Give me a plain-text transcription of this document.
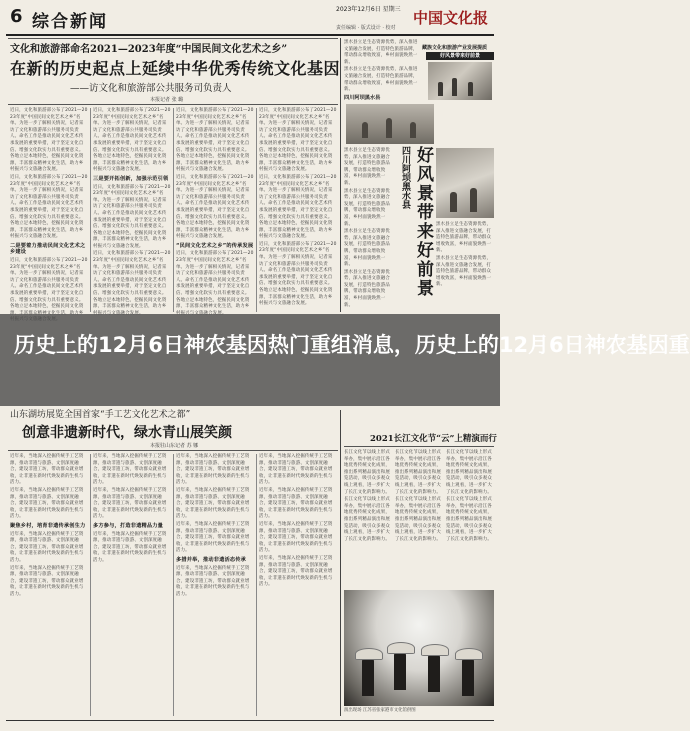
6 综合新闻
2023年12月6日 星期三
责任编辑 · 版式设计 · 校对
中国文化报
文化和旅游部命名2021—2023年度“中国民间文化艺术之乡”
在新的历史起点上延续中华优秀传统文化基因
——访文化和旅游部公共服务司负责人
本报记者 张 璐

近日，文化和旅游部公布了2021—2023年度“中国民间文化艺术之乡”名单。为进一步了解相关情况，记者采访了文化和旅游部公共服务司负责人。命名工作是推动民间文化艺术传承发展的重要举措，对于坚定文化自信、增强文化软实力具有重要意义。各地立足本地特色，挖掘民间文化资源，丰富群众精神文化生活，助力乡村振兴与文旅融合发展。

近日，文化和旅游部公布了2021—2023年度“中国民间文化艺术之乡”名单。为进一步了解相关情况，记者采访了文化和旅游部公共服务司负责人。命名工作是推动民间文化艺术传承发展的重要举措，对于坚定文化自信、增强文化软实力具有重要意义。各地立足本地特色，挖掘民间文化资源，丰富群众精神文化生活，助力乡村振兴与文旅融合发展。

二是要着力推动民间文化艺术之乡建设

近日，文化和旅游部公布了2021—2023年度“中国民间文化艺术之乡”名单。为进一步了解相关情况，记者采访了文化和旅游部公共服务司负责人。命名工作是推动民间文化艺术传承发展的重要举措，对于坚定文化自信、增强文化软实力具有重要意义。各地立足本地特色，挖掘民间文化资

近日，文化和旅游部公布了2021—2023年度“中国民间文化艺术之乡”名单。为进一步了解相关情况，记者采访了文化和旅游部公共服务司负责人。命名工作是推动民间文化艺术传承发展的重要举措，对于坚定文化自信、增强文化软实力具有重要意义。各地立足本地特色，挖掘民间文化资源，丰富群众精神文化生活，助力乡村振兴与文旅融合发展。

三是要开拓创新，加强示范引领

近日，文化和旅游部公布了2021—2023年度“中国民间文化艺术之乡”名单。为进一步了解相关情况，记者采访了文化和旅游部公共服务司负责人。命名工作是推动民间文化艺术传承发展的重要举措，对于坚定文化自信、增强文化软实力具有重要意义。各地立足本地特色，挖掘民间文化资源，丰富群众精神文化生活，助力乡村振兴与文旅融合发展。

近日，文化和旅游部公布了2021—2023年度“中国民间文化艺术之乡”名单。为进一步了解相关情况，记者采访了文化和旅游部公共服务司负责人。命名工作是推动民间文化艺术传承发展的重要举措，对于坚定文化自信、增强文化软实力具有重要意义。各地立足本地特色，挖掘民间文化资源，丰富群众精神文化生活，助力乡

近日，文化和旅游部公布了2021—2023年度“中国民间文化艺术之乡”名单。为进一步了解相关情况，记者采访了文化和旅游部公共服务司负责人。命名工作是推动民间文化艺术传承发展的重要举措，对于坚定文化自信、增强文化软实力具有重要意义。各地立足本地特色，挖掘民间文化资源，丰富群众精神文化生活，助力乡村振兴与文旅融合发展。

近日，文化和旅游部公布了2021—2023年度“中国民间文化艺术之乡”名单。为进一步了解相关情况，记者采访了文化和旅游部公共服务司负责人。命名工作是推动民间文化艺术传承发展的重要举措，对于坚定文化自信、增强文化软实力具有重要意义。各地立足本地特色，挖掘民间文化资源，丰富群众精神文化生活，助力乡村振兴与文旅融合发展。

“民间文化艺术之乡”的传承发展

近日，文化和旅游部公布了2021—2023年度“中国民间文化艺术之乡”名单。为进一步了解相关情况，记者采访了文化和旅游部公共服务司负责人。命名工作是推动民间文化艺术传承发展的重要举措，对于坚定文化自信、增强文化软实力具有重要意义。各地立足本地特色，挖掘民间文化资源，丰富群众精神文化生活，助力乡

近日，文化和旅游部公布了2021—2023年度“中国民间文化艺术之乡”名单。为进一步了解相关情况，记者采访了文化和旅游部公共服务司负责人。命名工作是推动民间文化艺术传承发展的重要举措，对于坚定文化自信、增强文化软实力具有重要意义。各地立足本地特色，挖掘民间文化资源，丰富群众精神文化生活，助力乡村振兴与文旅融合发展。

近日，文化和旅游部公布了2021—2023年度“中国民间文化艺术之乡”名单。为进一步了解相关情况，记者采访了文化和旅游部公共服务司负责人。命名工作是推动民间文化艺术传承发展的重要举措，对于坚定文化自信、增强文化软实力具有重要意义。各地立足本地特色，挖掘民间文化资源，丰富群众精神文化生活，助力乡村振兴与文旅融合发展。

近日，文化和旅游部公布了2021—2023年度“中国民间文化艺术之乡”名单。为进一步了解相关情况，记者采访了文化和旅游部公共服务司负责人。命名工作是推动民间文化艺术传承发展的重要举措，对于坚定文化自信、增强文化软实力具有重要意义。各地立足本地特色，挖掘民间文化资源，丰富群众精神文化生活，助力乡村振兴与文旅融合发展。

黑水县立足生态资源优势，深入推进文旅融合发展，打造特色旅游品牌，带动群众增收致富，乡村面貌焕然一新。

黑水县立足生态资源优势，深入推进文旅融合发展，打造特色旅游品牌，带动群众增收致富，乡村面貌焕然一新。

藏族文化和旅游产业发展提质
好风景带来好前景
四川阿坝黑水县
四川阿坝黑水县 好风景带来好前景

黑水县立足生态资源优势，深入推进文旅融合发展，打造特色旅游品牌，带动群众增收致富，乡村面貌焕然一新。

黑水县立足生态资源优势，深入推进文旅融合发展，打造特色旅游品牌，带动群众增收致富，乡村面貌焕然一新。

黑水县立足生态资源优势，深入推进文旅融合发展，打造特色旅游品牌，带动群众增收致富，乡村面貌焕然一新。

黑水县立足生态资源优势，深入推进文旅融合发展，打造特色旅游品牌，带动群众增收致富，乡村面貌焕然一新。

黑水县立足生态资源优势，深入推进文旅融合发展，打造特色旅游品牌，带动群众增收致富，乡村面貌焕然一新。

黑水县立足生态资源优势，深入推进文旅融合发展，打造特色旅游品牌，带动群众增收致富，乡村面貌焕然一新。

历史上的12月6日神农基因热门重组消息，历史上的12月6日神农基因重
山东湖坊展览全国首家“手工艺文化艺术之都”
创意非遗新时代，绿水青山展笑颜
本报驻山东记者 苏 娜

近年来，当地深入挖掘传统手工艺资源，推动非遗与旅游、文创深度融合，建设非遗工坊，带动群众就业增收，让非遗在新时代焕发新的生机与活力。

近年来，当地深入挖掘传统手工艺资源，推动非遗与旅游、文创深度融合，建设非遗工坊，带动群众就业增收，让非遗在新时代焕发新的生机与活力。

聚焦乡村，培育非遗传承创生力

近年来，当地深入挖掘传统手工艺资源，推动非遗与旅游、文创深度融合，建设非遗工坊，带动群众就业增收，让非遗在新时代焕发新的生机与活力。

近年来，当地深入挖掘传统手工艺资源，推动非遗与旅游、文创深度融合，建设非遗工坊，带动群众就业增收，让非遗在新时代焕发新的生机与活力。

近年来，当地深入挖掘传统手工艺资源，推动非遗与旅游、文创深度融合，建设非遗工坊，带动群众就业增收，让非遗在新时代焕发新的生机与活力。

近年来，当地深入挖掘传统手工艺资源，推动非遗与旅游、文创深度融合，建设非遗工坊，带动群众就业增收，让非遗在新时代焕发新的生机与活力。

多方参与，打造非遗精品力量

近年来，当地深入挖掘传统手工艺资源，推动非遗与旅游、文创深度融合，建设非遗工坊，带动群众就业增收，让非遗在新时代焕发新的生机与活力。

近年来，当地深入挖掘传统手工艺资源，推动非遗与旅游、文创深度融合，建设非遗工坊，带动群众就业增收，让非遗在新时代焕发新的生机与活力。

近年来，当地深入挖掘传统手工艺资源，推动非遗与旅游、文创深度融合，建设非遗工坊，带动群众就业增收，让非遗在新时代焕发新的生机与活力。

近年来，当地深入挖掘传统手工艺资源，推动非遗与旅游、文创深度融合，建设非遗工坊，带动群众就业增收，让非遗在新时代焕发新的生机与活力。

多措并举，推动非遗活态传承

近年来，当地深入挖掘传统手工艺资源，推动非遗与旅游、文创深度融合，建设非遗工坊，带动群众就业增收，让非遗在新时代焕发新的生机与活力。

近年来，当地深入挖掘传统手工艺资源，推动非遗与旅游、文创深度融合，建设非遗工坊，带动群众就业增收，让非遗在新时代焕发新的生机与活力。

近年来，当地深入挖掘传统手工艺资源，推动非遗与旅游、文创深度融合，建设非遗工坊，带动群众就业增收，让非遗在新时代焕发新的生机与活力。

近年来，当地深入挖掘传统手工艺资源，推动非遗与旅游、文创深度融合，建设非遗工坊，带动群众就业增收，让非遗在新时代焕发新的生机与活力。

近年来，当地深入挖掘传统手工艺资源，推动非遗与旅游、文创深度融合，建设非遗工坊，带动群众就业增收，让非遗在新时代焕发新的生机与活力。

2021长江文化节“云”上精演而行

长江文化节以线上形式举办，集中展示沿江各地优秀传统文化成果，推出系列精品演出和展览活动，吸引众多观众线上观看，进一步扩大了长江文化的影响力。

长江文化节以线上形式举办，集中展示沿江各地优秀传统文化成果，推出系列精品演出和展览活动，吸引众多观众线上观看，进一步扩大了长江文化的影响力。

长江文化节以线上形式举办，集中展示沿江各地优秀传统文化成果，推出系列精品演出和展览活动，吸引众多观众线上观看，进一步扩大了长江文化的影响力。

长江文化节以线上形式举办，集中展示沿江各地优秀传统文化成果，推出系列精品演出和展览活动，吸引众多观众线上观看，进一步扩大了长江文化的影响力。

长江文化节以线上形式举办，集中展示沿江各地优秀传统文化成果，推出系列精品演出和展览活动，吸引众多观众线上观看，进一步扩大了长江文化的影响力。

长江文化节以线上形式举办，集中展示沿江各地优秀传统文化成果，推出系列精品演出和展览活动，吸引众多观众线上观看，进一步扩大了长江文化的影响力。

演出现场 江苏省张家港市文化馆供图
